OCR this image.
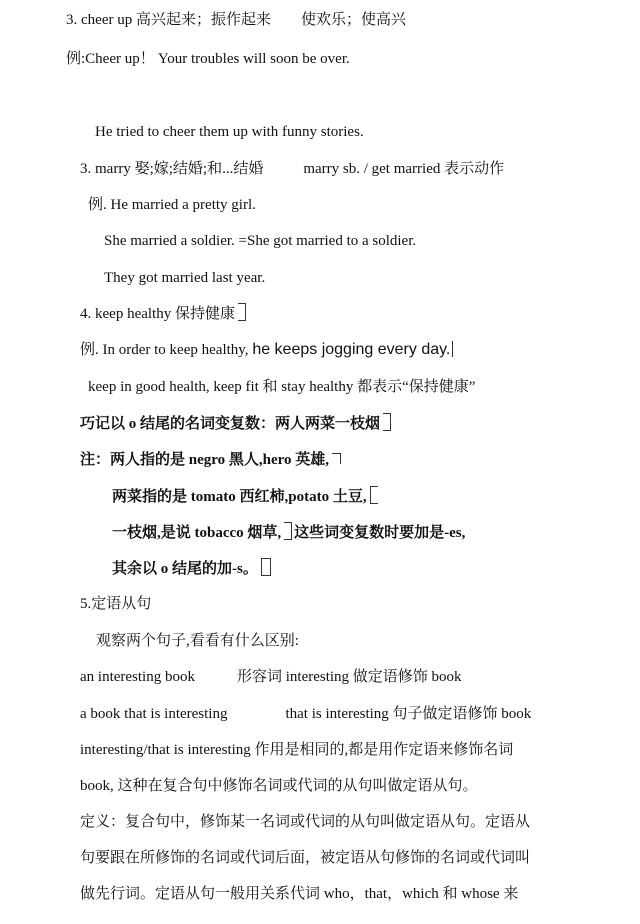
3. cheer up 高兴起来；振作起来 使欢乐；使高兴
例:Cheer up！ Your troubles will soon be over.
He tried to cheer them up with funny stories.
3. marry 娶;嫁;结婚;和...结婚	marry sb. / get married 表示动作
例. He married a pretty girl.
She married a soldier. =She got married to a soldier.
They got married last year.
4. keep healthy 保持健康
例. In order to keep healthy, he keeps jogging every day.
keep in good health, keep fit 和 stay healthy 都表示“保持健康”
巧记以 o 结尾的名词变复数：两人两菜一枝烟
注：两人指的是 negro 黑人,hero 英雄,
两菜指的是 tomato 西红柿,potato 土豆,
一枝烟,是说 tobacco 烟草, 这些词变复数时要加是-es,
其余以 o 结尾的加-s。
5.定语从句
观察两个句子,看看有什么区别:
an interesting book	形容词 interesting 做定语修饰 book
a book that is interesting	that is interesting 句子做定语修饰 book
interesting/that is interesting 作用是相同的,都是用作定语来修饰名词
book, 这种在复合句中修饰名词或代词的从句叫做定语从句。
定义：复合句中，修饰某一名词或代词的从句叫做定语从句。定语从
句要跟在所修饰的名词或代词后面，被定语从句修饰的名词或代词叫
做先行词。定语从句一般用关系代词 who，that，which 和 whose 来
